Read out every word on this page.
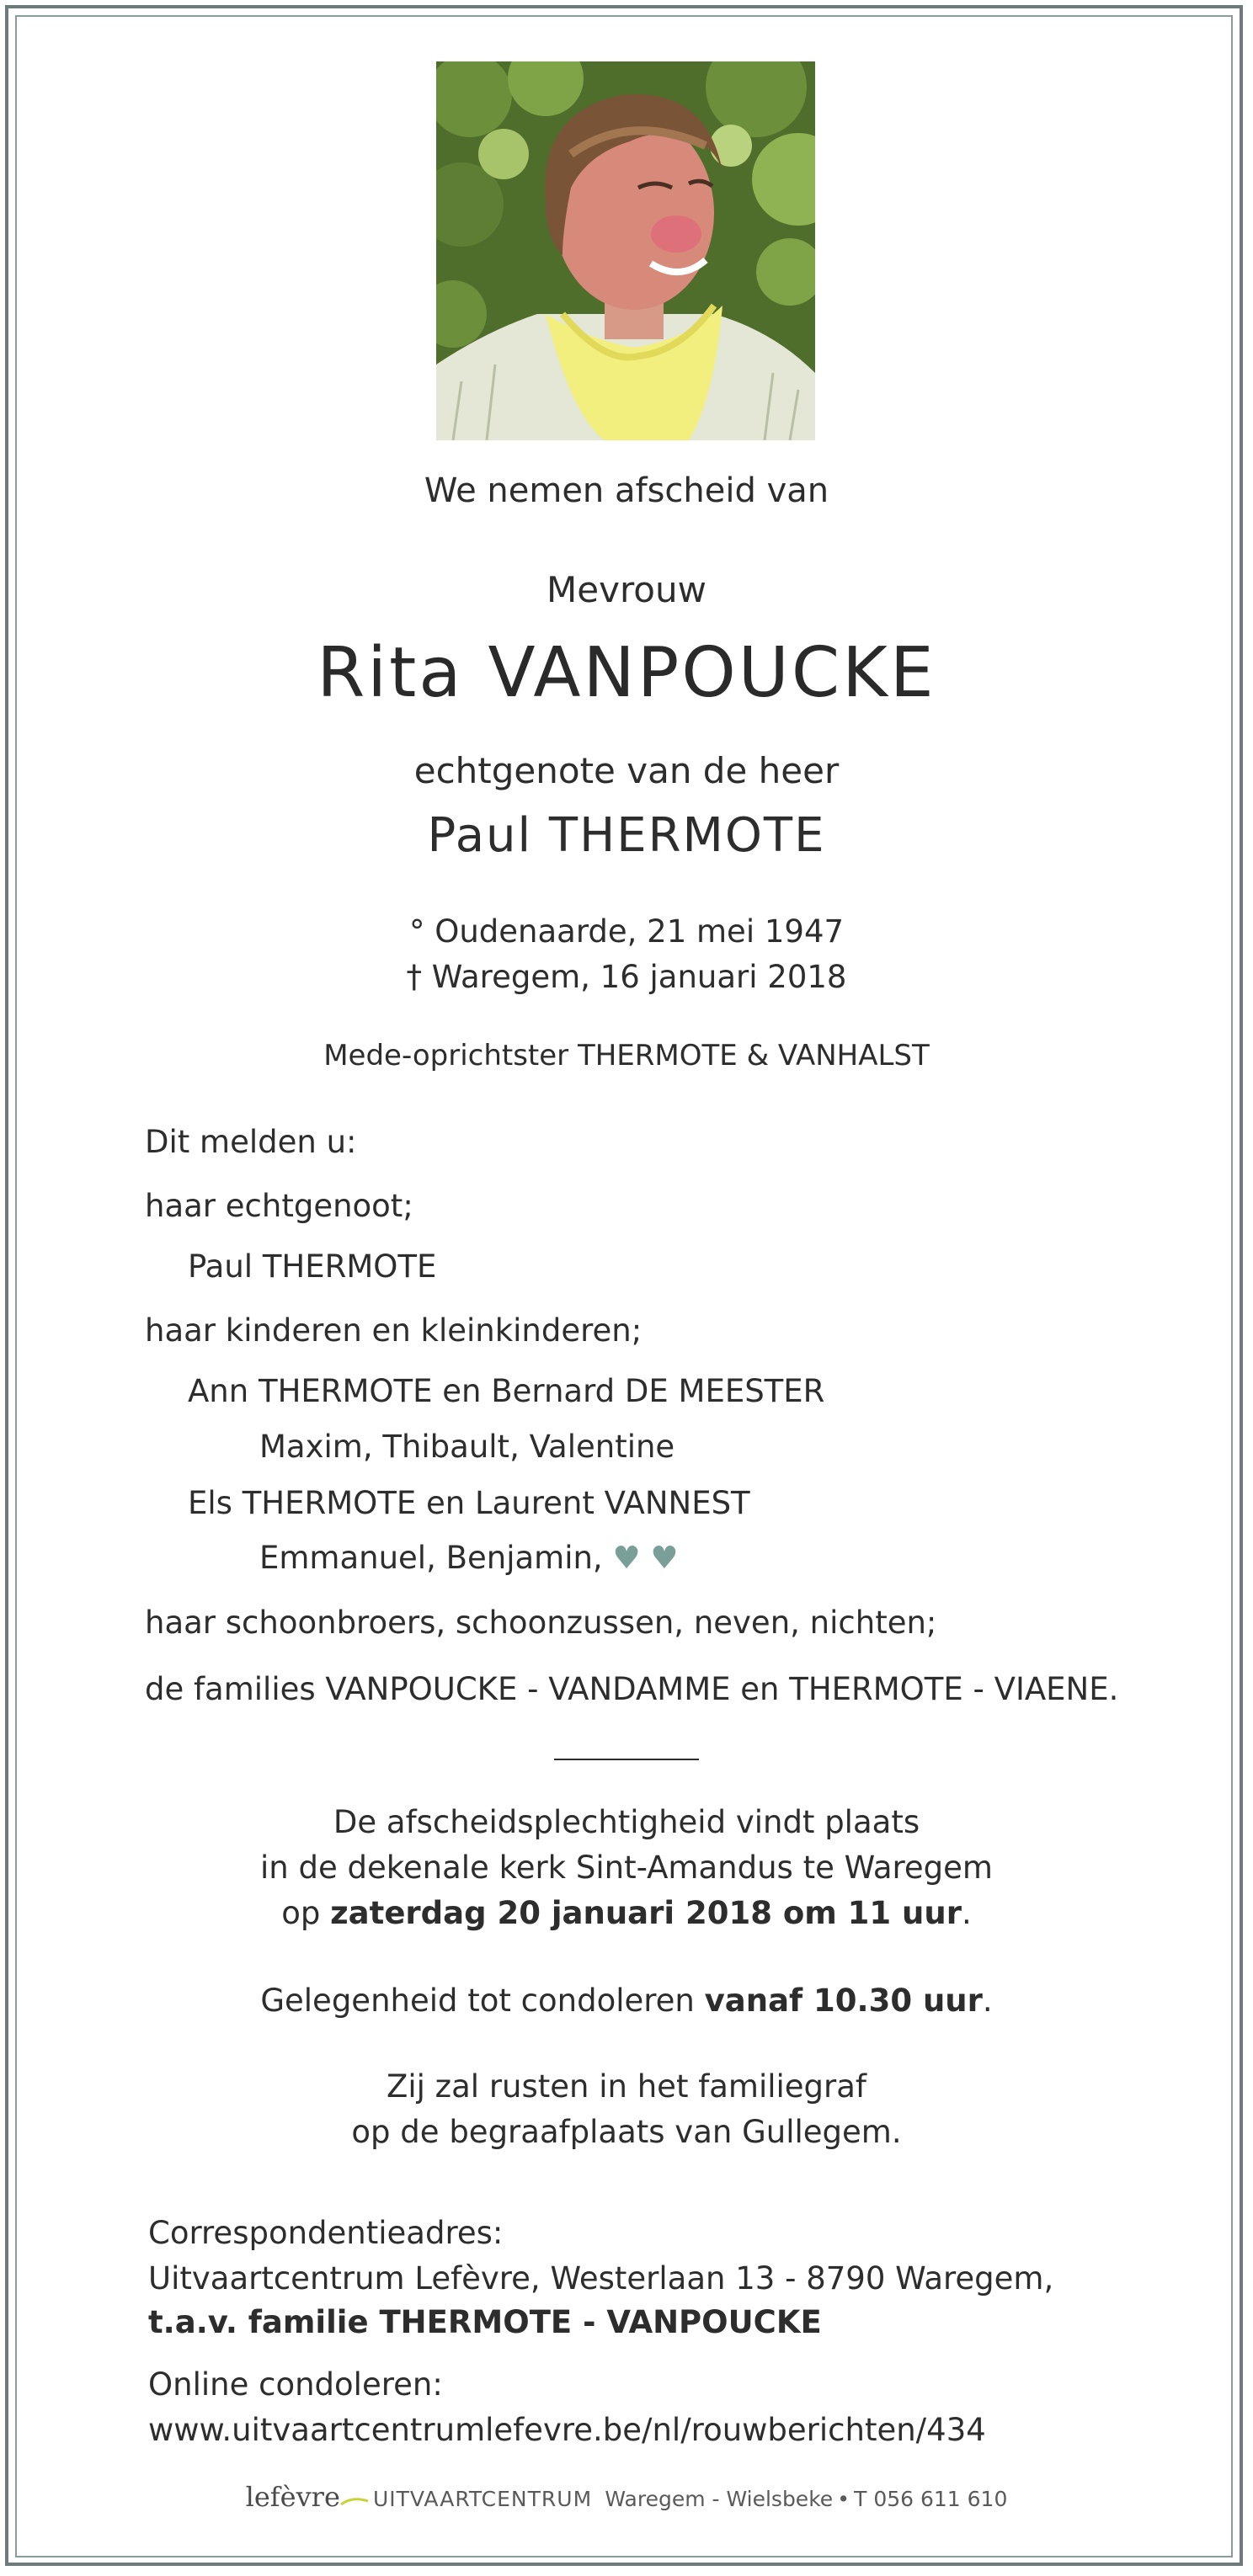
We nemen afscheid van
Mevrouw
Rita VANPOUCKE
echtgenote van de heer
Paul THERMOTE
° Oudenaarde, 21 mei 1947
† Waregem, 16 januari 2018
Mede-oprichtster THERMOTE & VANHALST
Dit melden u:
haar echtgenoot;
Paul THERMOTE
haar kinderen en kleinkinderen;
Ann THERMOTE en Bernard DE MEESTER
Maxim, Thibault, Valentine
Els THERMOTE en Laurent VANNEST
Emmanuel, Benjamin, ♥ ♥
haar schoonbroers, schoonzussen, neven, nichten;
de families VANPOUCKE - VANDAMME en THERMOTE - VIAENE.
De afscheidsplechtigheid vindt plaats
in de dekenale kerk Sint-Amandus te Waregem
op zaterdag 20 januari 2018 om 11 uur.
Gelegenheid tot condoleren vanaf 10.30 uur.
Zij zal rusten in het familiegraf
op de begraafplaats van Gullegem.
Correspondentieadres:
Uitvaartcentrum Lefèvre, Westerlaan 13 - 8790 Waregem,
t.a.v. familie THERMOTE - VANPOUCKE
Online condoleren:
www.uitvaartcentrumlefevre.be/nl/rouwberichten/434
lefèvre UITVAARTCENTRUM Waregem - Wielsbeke • T 056 611 610
